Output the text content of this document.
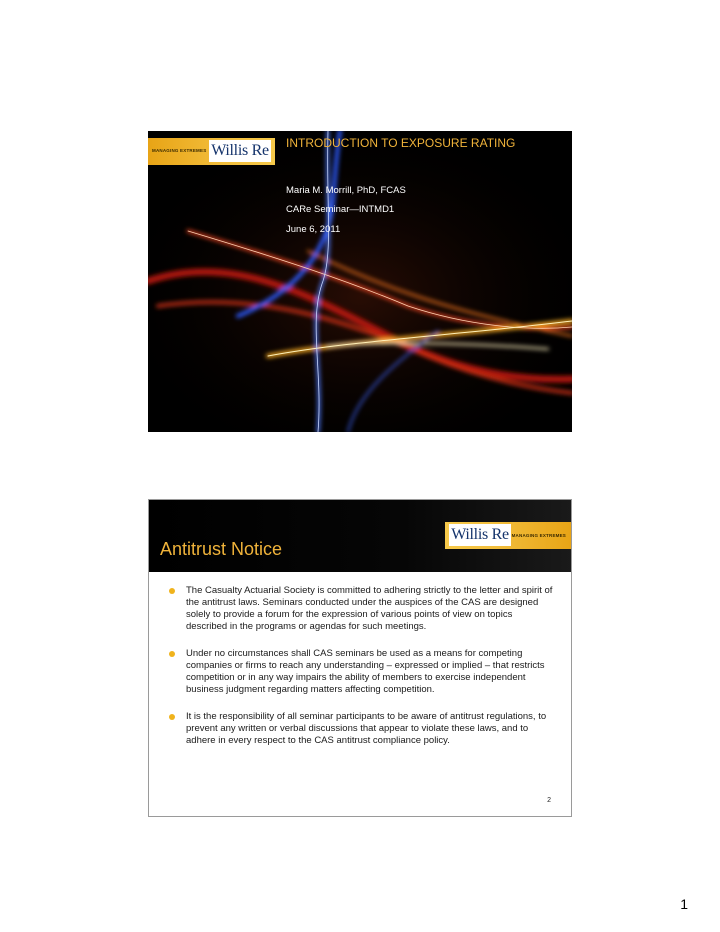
MANAGING EXTREMES Willis Re INTRODUCTION TO EXPOSURE RATING
Maria M. Morrill, PhD, FCAS
CARe Seminar—INTMD1
June 6, 2011
Antitrust Notice
Willis Re MANAGING EXTREMES
The Casualty Actuarial Society is committed to adhering strictly to the letter and spirit of the antitrust laws. Seminars conducted under the auspices of the CAS are designed solely to provide a forum for the expression of various points of view on topics described in the programs or agendas for such meetings.
Under no circumstances shall CAS seminars be used as a means for competing companies or firms to reach any understanding – expressed or implied – that restricts competition or in any way impairs the ability of members to exercise independent business judgment regarding matters affecting competition.
It is the responsibility of all seminar participants to be aware of antitrust regulations, to prevent any written or verbal discussions that appear to violate these laws, and to adhere in every respect to the CAS antitrust compliance policy.
2
1
